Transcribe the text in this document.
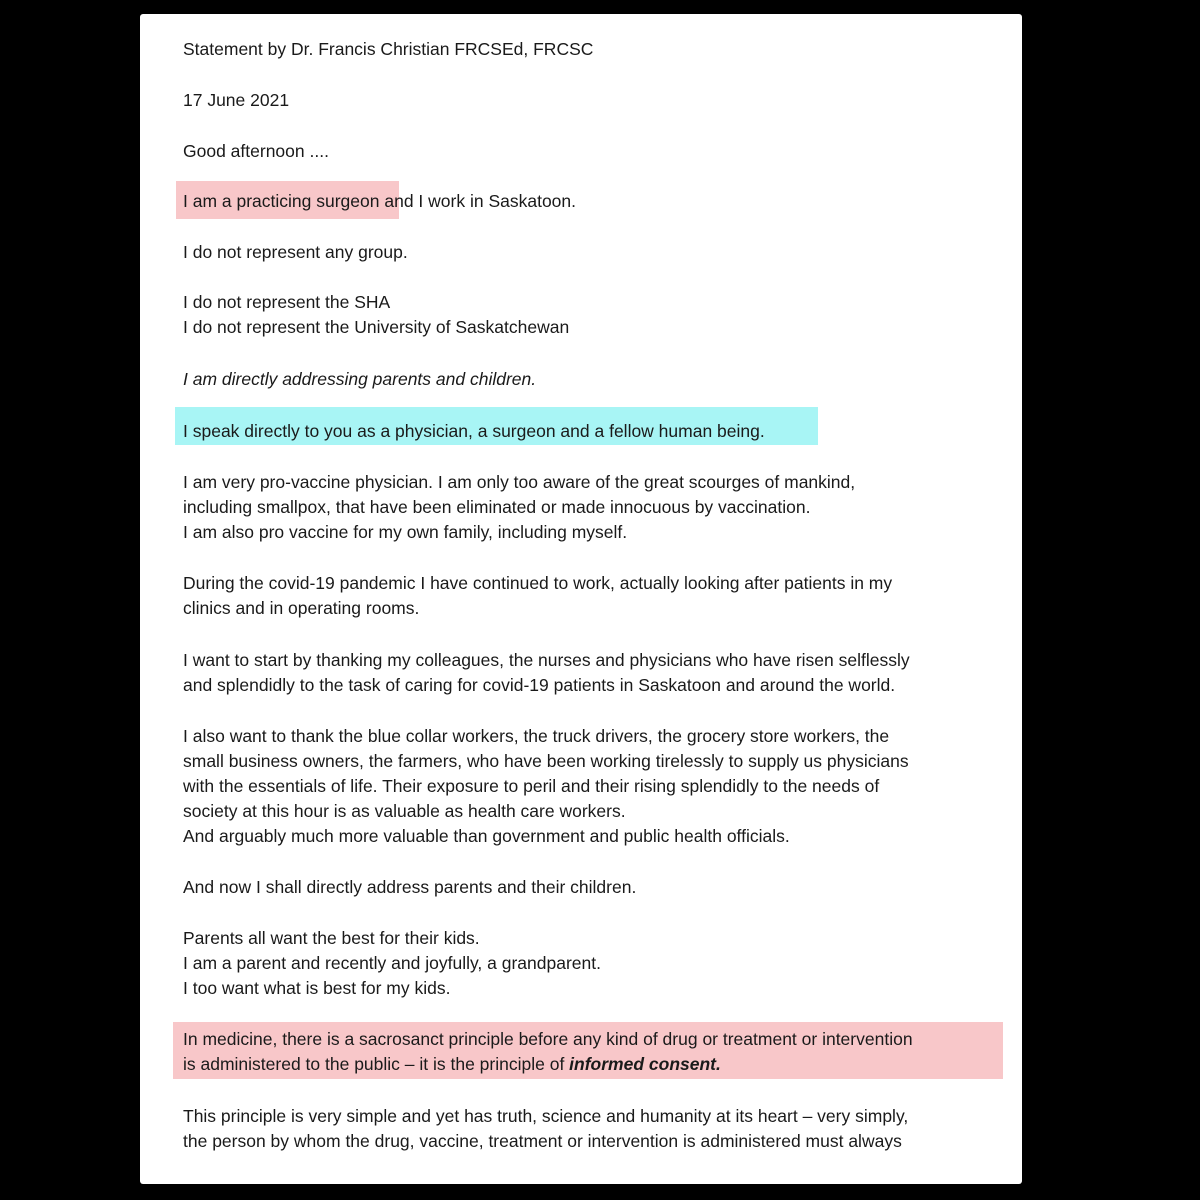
Statement by Dr. Francis Christian FRCSEd, FRCSC
17 June 2021
Good afternoon ....
I am a practicing surgeon and I work in Saskatoon.
I do not represent any group.
I do not represent the SHA
I do not represent the University of Saskatchewan
I am directly addressing parents and children.
I speak directly to you as a physician, a surgeon and a fellow human being.
I am very pro-vaccine physician. I am only too aware of the great scourges of mankind,
including smallpox, that have been eliminated or made innocuous by vaccination.
I am also pro vaccine for my own family, including myself.
During the covid-19 pandemic I have continued to work, actually looking after patients in my
clinics and in operating rooms.
I want to start by thanking my colleagues, the nurses and physicians who have risen selflessly
and splendidly to the task of caring for covid-19 patients in Saskatoon and around the world.
I also want to thank the blue collar workers, the truck drivers, the grocery store workers, the
small business owners, the farmers, who have been working tirelessly to supply us physicians
with the essentials of life. Their exposure to peril and their rising splendidly to the needs of
society at this hour is as valuable as health care workers.
And arguably much more valuable than government and public health officials.
And now I shall directly address parents and their children.
Parents all want the best for their kids.
I am a parent and recently and joyfully, a grandparent.
I too want what is best for my kids.
In medicine, there is a sacrosanct principle before any kind of drug or treatment or intervention
is administered to the public – it is the principle of informed consent.
This principle is very simple and yet has truth, science and humanity at its heart – very simply,
the person by whom the drug, vaccine, treatment or intervention is administered must always
